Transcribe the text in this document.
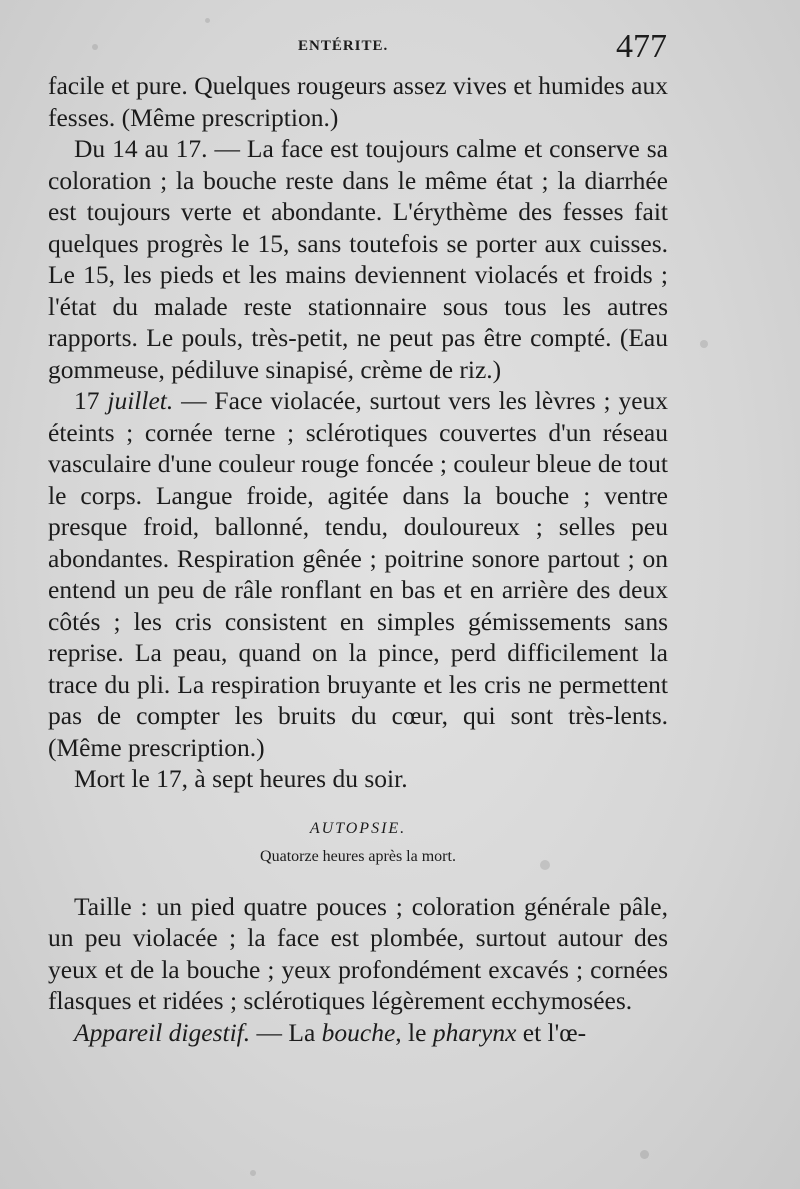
ENTÉRITE.	477

facile et pure. Quelques rougeurs assez vives et humides aux fesses. (Même prescription.)

Du 14 au 17. — La face est toujours calme et conserve sa coloration ; la bouche reste dans le même état ; la diarrhée est toujours verte et abondante. L'érythème des fesses fait quelques progrès le 15, sans toutefois se porter aux cuisses. Le 15, les pieds et les mains deviennent violacés et froids ; l'état du malade reste stationnaire sous tous les autres rapports. Le pouls, très-petit, ne peut pas être compté. (Eau gommeuse, pédiluve sinapisé, crème de riz.)

17 juillet. — Face violacée, surtout vers les lèvres ; yeux éteints ; cornée terne ; sclérotiques couvertes d'un réseau vasculaire d'une couleur rouge foncée ; couleur bleue de tout le corps. Langue froide, agitée dans la bouche ; ventre presque froid, ballonné, tendu, douloureux ; selles peu abondantes. Respiration gênée ; poitrine sonore partout ; on entend un peu de râle ronflant en bas et en arrière des deux côtés ; les cris consistent en simples gémissements sans reprise. La peau, quand on la pince, perd difficilement la trace du pli. La respiration bruyante et les cris ne permettent pas de compter les bruits du cœur, qui sont très-lents. (Même prescription.)

Mort le 17, à sept heures du soir.

AUTOPSIE.
Quatorze heures après la mort.

Taille : un pied quatre pouces ; coloration générale pâle, un peu violacée ; la face est plombée, surtout autour des yeux et de la bouche ; yeux profondément excavés ; cornées flasques et ridées ; sclérotiques légèrement ecchymosées.

Appareil digestif. — La bouche, le pharynx et l'œ-
